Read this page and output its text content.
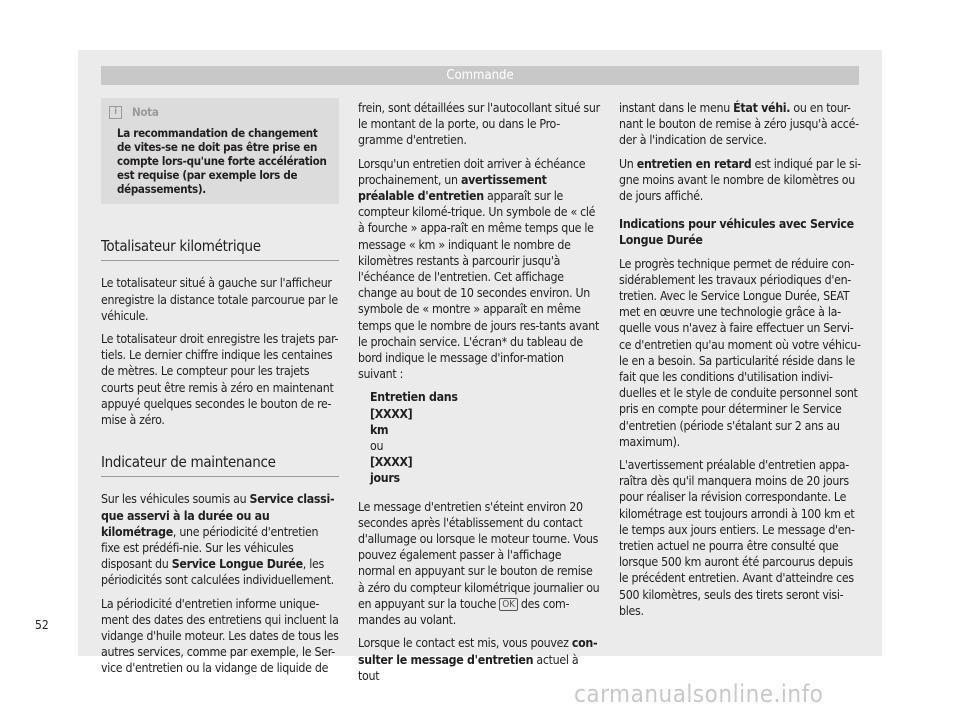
Commande
i	Nota
La recommandation de changement de vites-se ne doit pas être prise en compte lors-qu'une forte accélération est requise (par exemple lors de dépassements).
Totalisateur kilométrique

Le totalisateur situé à gauche sur l'afficheur enregistre la distance totale parcourue par le véhicule.

Le totalisateur droit enregistre les trajets par-tiels. Le dernier chiffre indique les centaines de mètres. Le compteur pour les trajets courts peut être remis à zéro en maintenant appuyé quelques secondes le bouton de re-mise à zéro.

Indicateur de maintenance

Sur les véhicules soumis au Service classi-que asservi à la durée ou au kilométrage, une périodicité d'entretien fixe est prédéfi-nie. Sur les véhicules disposant du Service Longue Durée, les périodicités sont calculées individuellement.

La périodicité d'entretien informe unique-ment des dates des entretiens qui incluent la vidange d'huile moteur. Les dates de tous les autres services, comme par exemple, le Ser-vice d'entretien ou la vidange de liquide de

frein, sont détaillées sur l'autocollant situé sur le montant de la porte, ou dans le Pro-gramme d'entretien.

Lorsqu'un entretien doit arriver à échéance prochainement, un avertissement préalable d'entretien apparaît sur le compteur kilomé-trique. Un symbole de « clé à fourche » appa-raît en même temps que le message « km » indiquant le nombre de kilomètres restants à parcourir jusqu'à l'échéance de l'entretien. Cet affichage change au bout de 10 secondes environ. Un symbole de « montre » apparaît en même temps que le nombre de jours res-tants avant le prochain service. L'écran* du tableau de bord indique le message d'infor-mation suivant :

Entretien dans
[XXXX]
km
ou
[XXXX]
jours

Le message d'entretien s'éteint environ 20 secondes après l'établissement du contact d'allumage ou lorsque le moteur tourne. Vous pouvez également passer à l'affichage normal en appuyant sur le bouton de remise à zéro du compteur kilométrique journalier ou en appuyant sur la touche OK des com-mandes au volant.

Lorsque le contact est mis, vous pouvez con-sulter le message d'entretien actuel à tout

instant dans le menu État véhi. ou en tour-nant le bouton de remise à zéro jusqu'à accé-der à l'indication de service.

Un entretien en retard est indiqué par le si-gne moins avant le nombre de kilomètres ou de jours affiché.

Indications pour véhicules avec Service Longue Durée

Le progrès technique permet de réduire con-sidérablement les travaux périodiques d'en-tretien. Avec le Service Longue Durée, SEAT met en œuvre une technologie grâce à la-quelle vous n'avez à faire effectuer un Servi-ce d'entretien qu'au moment où votre véhicu-le en a besoin. Sa particularité réside dans le fait que les conditions d'utilisation indivi-duelles et le style de conduite personnel sont pris en compte pour déterminer le Service d'entretien (période s'étalant sur 2 ans au maximum).

L'avertissement préalable d'entretien appa-raîtra dès qu'il manquera moins de 20 jours pour réaliser la révision correspondante. Le kilométrage est toujours arrondi à 100 km et le temps aux jours entiers. Le message d'en-tretien actuel ne pourra être consulté que lorsque 500 km auront été parcourus depuis le précédent entretien. Avant d'atteindre ces 500 kilomètres, seuls des tirets seront visi-bles.

52
carmanualsonline.info
